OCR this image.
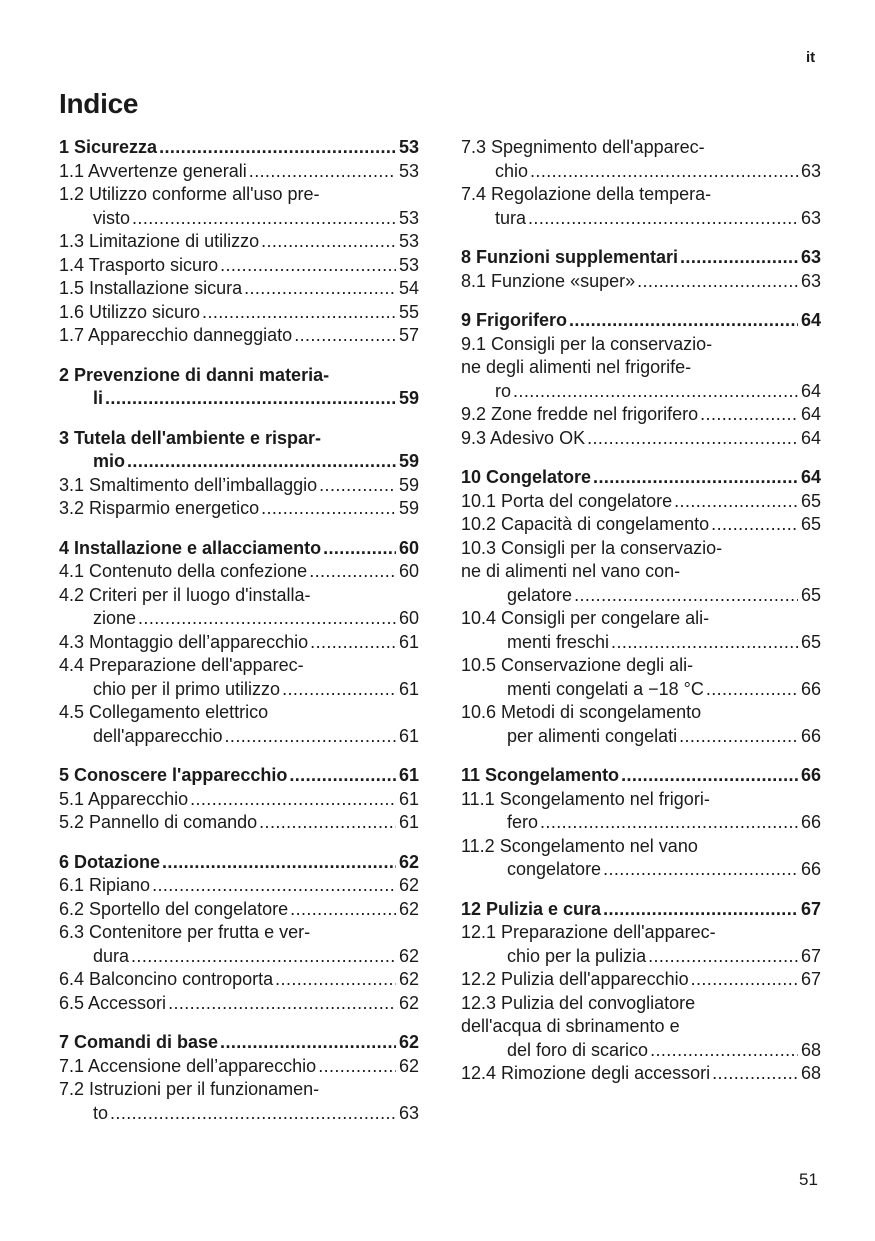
it
Indice
1 Sicurezza .....	53
1.1 Avvertenze generali .....	53
1.2 Utilizzo conforme all'uso pre-
visto .....	53
1.3 Limitazione di utilizzo .....	53
1.4 Trasporto sicuro .....	53
1.5 Installazione sicura .....	54
1.6 Utilizzo sicuro .....	55
1.7 Apparecchio danneggiato .....	57
2 Prevenzione di danni materia-
li .....	59
3 Tutela dell'ambiente e rispar-
mio .....	59
3.1 Smaltimento dell’imballaggio .....	59
3.2 Risparmio energetico .....	59
4 Installazione e allacciamento .....	60
4.1 Contenuto della confezione .....	60
4.2 Criteri per il luogo d'installa-
zione .....	60
4.3 Montaggio dell’apparecchio .....	61
4.4 Preparazione dell'apparec-
chio per il primo utilizzo .....	61
4.5 Collegamento elettrico
dell'apparecchio .....	61
5 Conoscere l'apparecchio .....	61
5.1 Apparecchio .....	61
5.2 Pannello di comando .....	61
6 Dotazione .....	62
6.1 Ripiano .....	62
6.2 Sportello del congelatore .....	62
6.3 Contenitore per frutta e ver-
dura .....	62
6.4 Balconcino controporta .....	62
6.5 Accessori .....	62
7 Comandi di base .....	62
7.1 Accensione dell’apparecchio .....	62
7.2 Istruzioni per il funzionamen-
to .....	63
7.3 Spegnimento dell'apparec-
chio .....	63
7.4 Regolazione della tempera-
tura .....	63
8 Funzioni supplementari .....	63
8.1 Funzione «super» .....	63
9 Frigorifero .....	64
9.1 Consigli per la conservazio-
ne degli alimenti nel frigorife-
ro .....	64
9.2 Zone fredde nel frigorifero .....	64
9.3 Adesivo OK .....	64
10 Congelatore .....	64
10.1 Porta del congelatore .....	65
10.2 Capacità di congelamento .....	65
10.3 Consigli per la conservazio-
ne di alimenti nel vano con-
gelatore .....	65
10.4 Consigli per congelare ali-
menti freschi .....	65
10.5 Conservazione degli ali-
menti congelati a −18 °C .....	66
10.6 Metodi di scongelamento
per alimenti congelati .....	66
11 Scongelamento .....	66
11.1 Scongelamento nel frigori-
fero .....	66
11.2 Scongelamento nel vano
congelatore .....	66
12 Pulizia e cura .....	67
12.1 Preparazione dell'apparec-
chio per la pulizia .....	67
12.2 Pulizia dell'apparecchio .....	67
12.3 Pulizia del convogliatore
dell'acqua di sbrinamento e
del foro di scarico .....	68
12.4 Rimozione degli accessori .....	68
51
